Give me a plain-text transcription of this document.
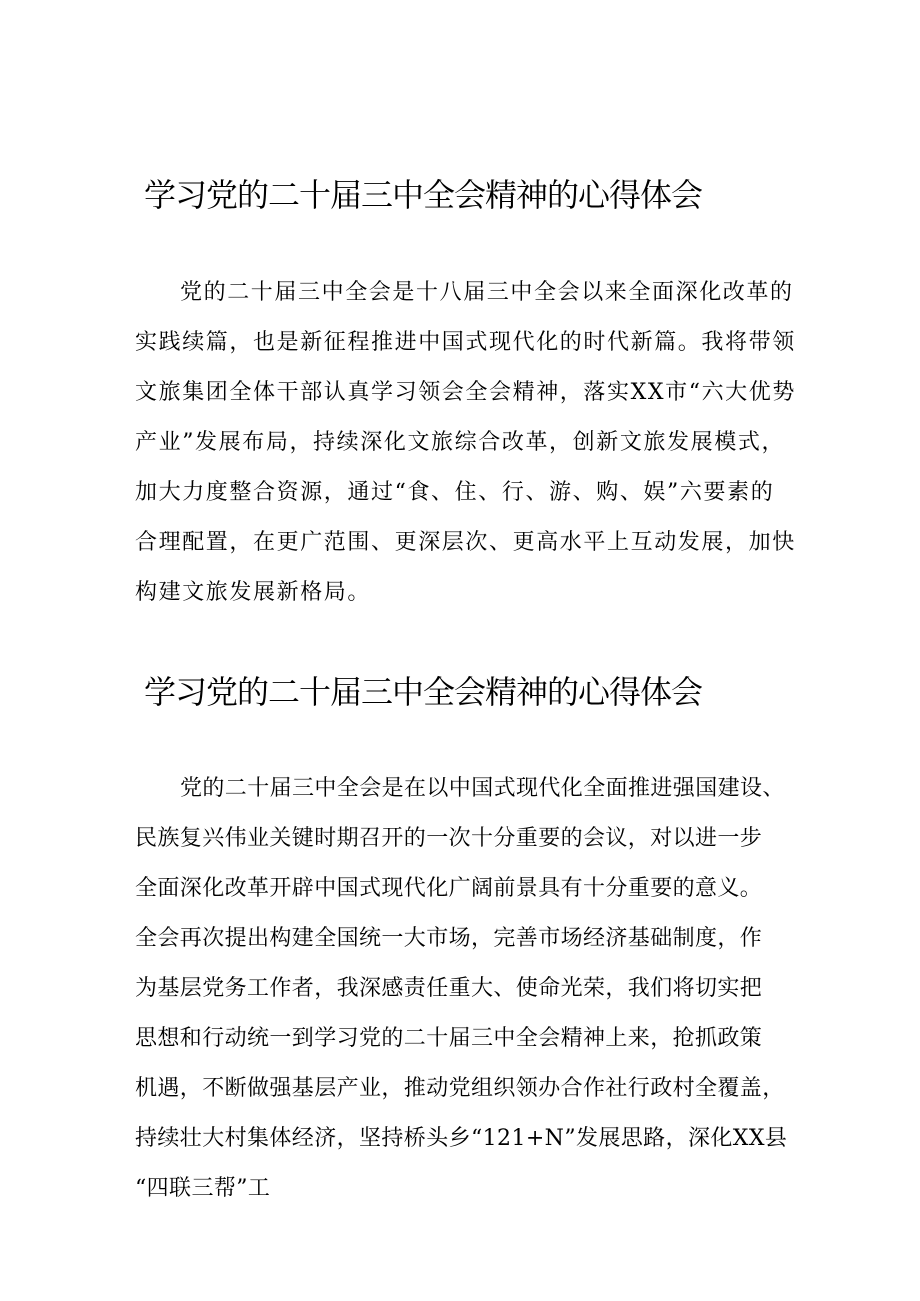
学习党的二十届三中全会精神的心得体会
党的二十届三中全会是十八届三中全会以来全面深化改革的
实践续篇，也是新征程推进中国式现代化的时代新篇。我将带领
文旅集团全体干部认真学习领会全会精神，落实XX市“六大优势
产业”发展布局，持续深化文旅综合改革，创新文旅发展模式，
加大力度整合资源，通过“食、住、行、游、购、娱”六要素的
合理配置，在更广范围、更深层次、更高水平上互动发展，加快
构建文旅发展新格局。
学习党的二十届三中全会精神的心得体会
党的二十届三中全会是在以中国式现代化全面推进强国建设、
民族复兴伟业关键时期召开的一次十分重要的会议，对以进一步
全面深化改革开辟中国式现代化广阔前景具有十分重要的意义。
全会再次提出构建全国统一大市场，完善市场经济基础制度，作
为基层党务工作者，我深感责任重大、使命光荣，我们将切实把
思想和行动统一到学习党的二十届三中全会精神上来，抢抓政策
机遇，不断做强基层产业，推动党组织领办合作社行政村全覆盖，
持续壮大村集体经济，坚持桥头乡“121+N”发展思路，深化XX县
“四联三帮”工
